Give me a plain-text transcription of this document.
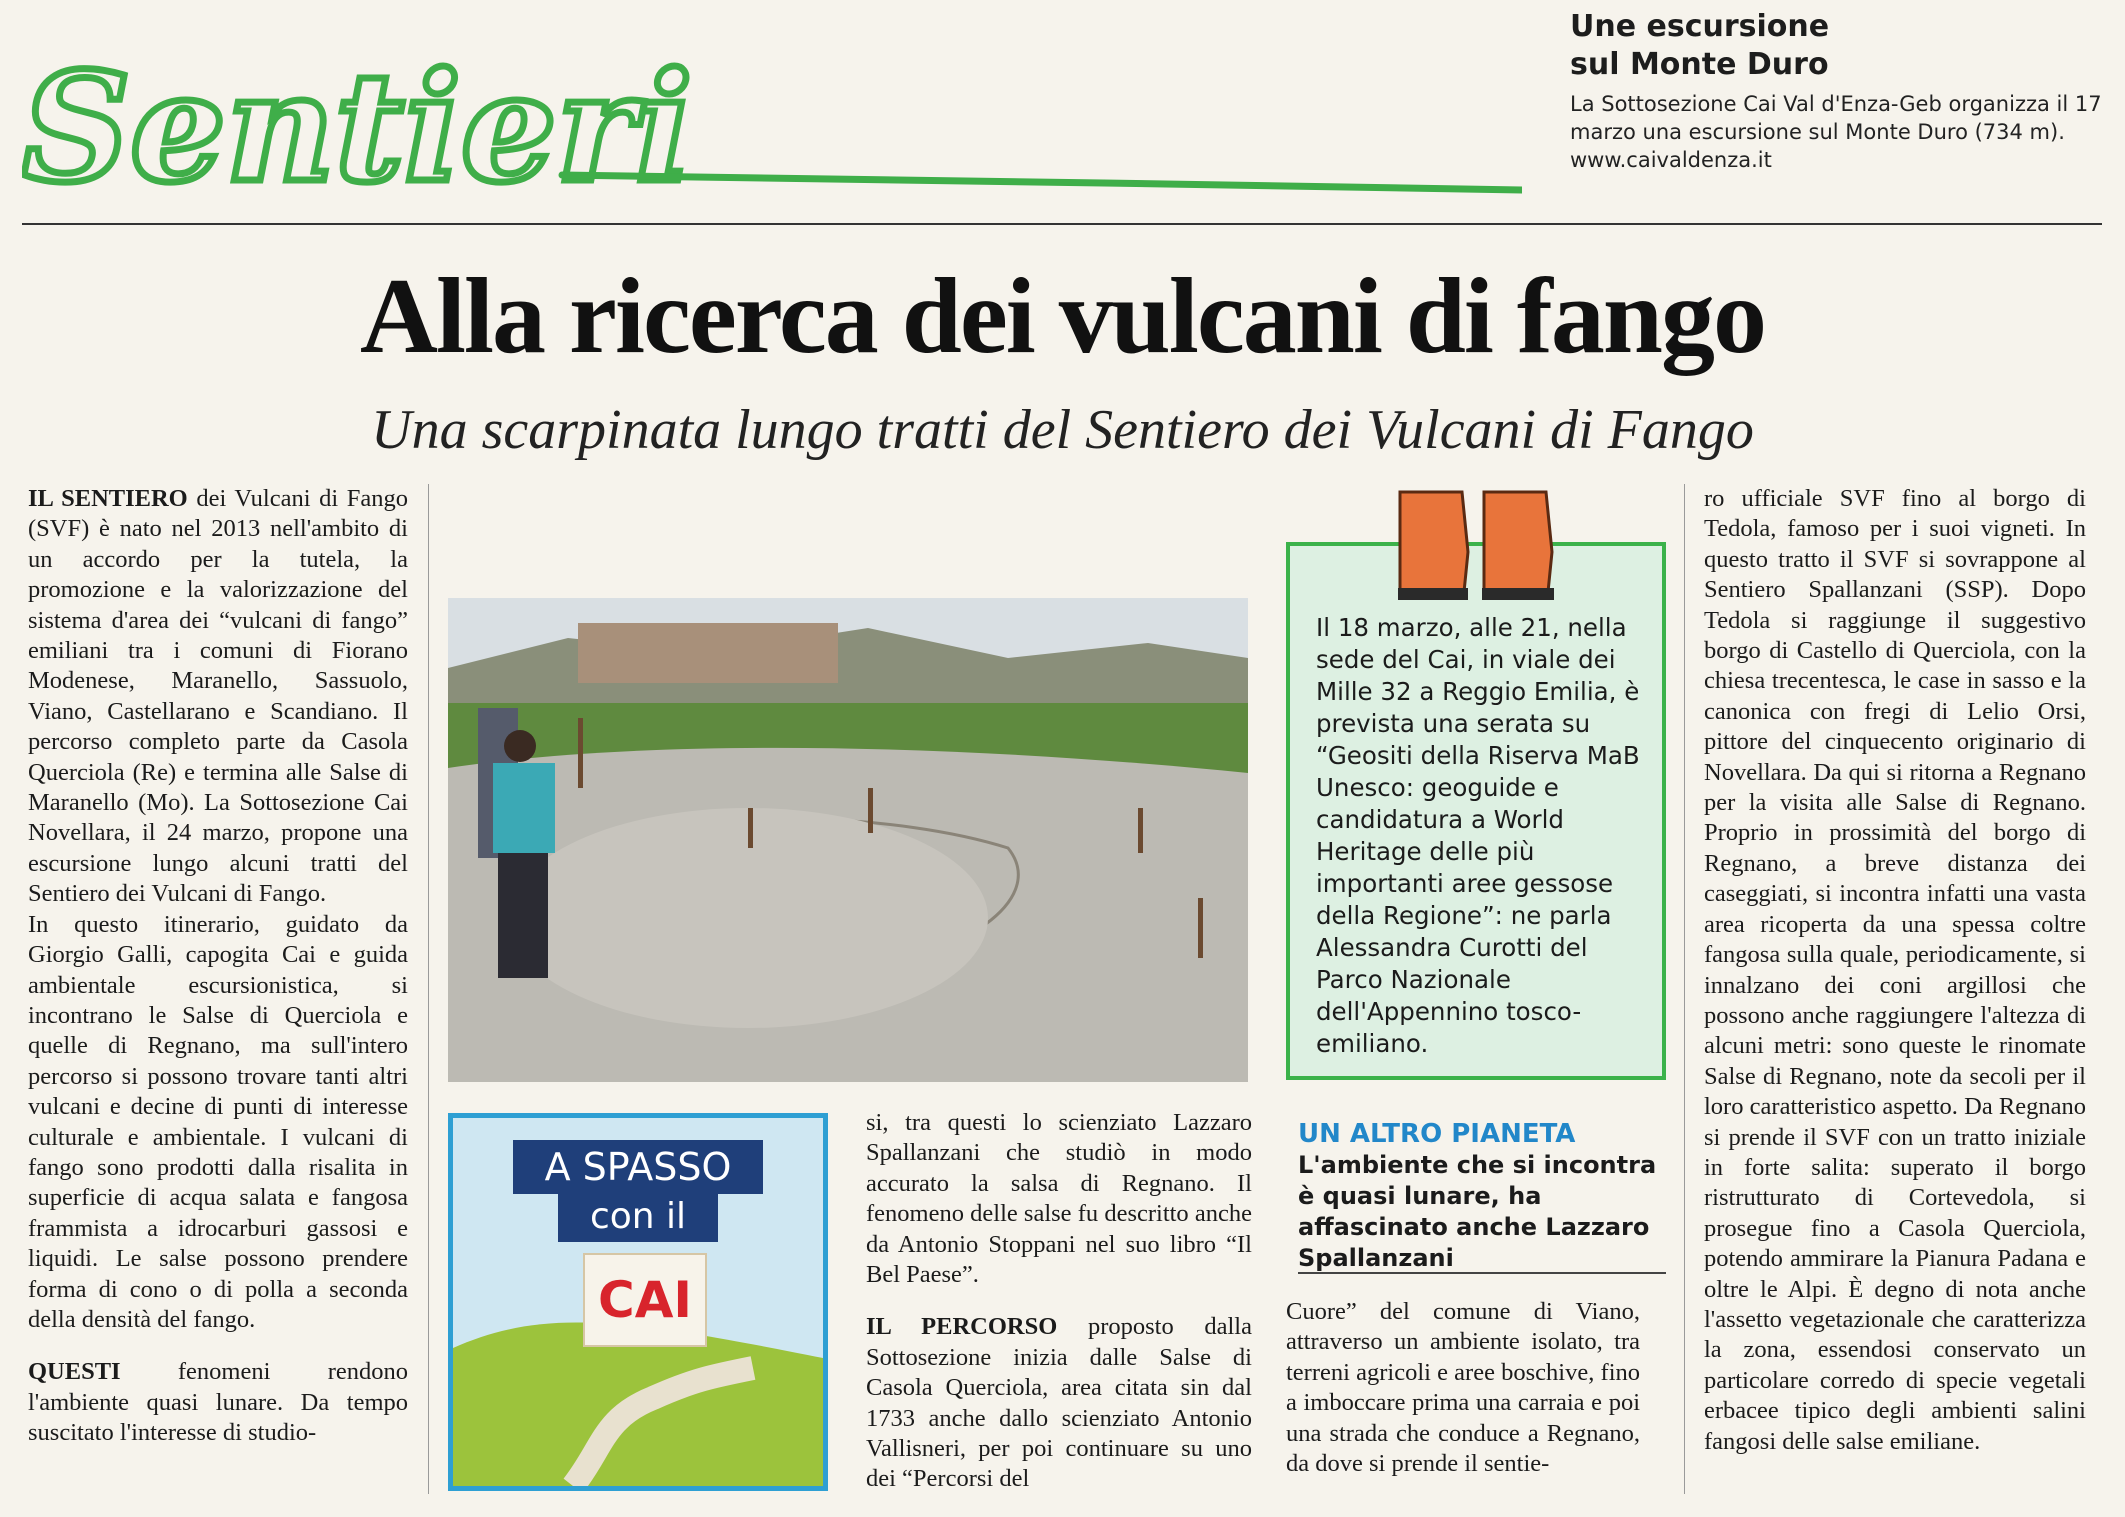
Sentieri
Une escursione
sul Monte Duro
La Sottosezione Cai Val d'Enza-Geb organizza il 17 marzo una escursione sul Monte Duro (734 m). www.caivaldenza.it
Alla ricerca dei vulcani di fango
Una scarpinata lungo tratti del Sentiero dei Vulcani di Fango

IL SENTIERO dei Vulcani di Fango (SVF) è nato nel 2013 nell'ambito di un accordo per la tutela, la promozione e la valorizzazione del sistema d'area dei “vulcani di fango” emiliani tra i comuni di Fiorano Modenese, Maranello, Sassuolo, Viano, Castellarano e Scandiano. Il percorso completo parte da Casola Querciola (Re) e termina alle Salse di Maranello (Mo). La Sottosezione Cai Novellara, il 24 marzo, propone una escursione lungo alcuni tratti del Sentiero dei Vulcani di Fango.

In questo itinerario, guidato da Giorgio Galli, capogita Cai e guida ambientale escursionistica, si incontrano le Salse di Querciola e quelle di Regnano, ma sull'intero percorso si possono trovare tanti altri vulcani e decine di punti di interesse culturale e ambientale. I vulcani di fango sono prodotti dalla risalita in superficie di acqua salata e fangosa frammista a idrocarburi gassosi e liquidi. Le salse possono prendere forma di cono o di polla a seconda della densità del fango.

QUESTI fenomeni rendono l'ambiente quasi lunare. Da tempo suscitato l'interesse di studio-

A SPASSO
con il
CAI

si, tra questi lo scienziato Lazzaro Spallanzani che studiò in modo accurato la salsa di Regnano. Il fenomeno delle salse fu descritto anche da Antonio Stoppani nel suo libro “Il Bel Paese”.

IL PERCORSO proposto dalla Sottosezione inizia dalle Salse di Casola Querciola, area citata sin dal 1733 anche dallo scienziato Antonio Vallisneri, per poi continuare su uno dei “Percorsi del

Il 18 marzo, alle 21, nella sede del Cai, in viale dei Mille 32 a Reggio Emilia, è prevista una serata su “Geositi della Riserva MaB Unesco: geoguide e candidatura a World Heritage delle più importanti aree gessose della Regione”: ne parla Alessandra Curotti del Parco Nazionale dell'Appennino tosco-emiliano.
UN ALTRO PIANETA
L'ambiente che si incontra è quasi lunare, ha affascinato anche Lazzaro Spallanzani

Cuore” del comune di Viano, attraverso un ambiente isolato, tra terreni agricoli e aree boschive, fino a imboccare prima una carraia e poi una strada che conduce a Regnano, da dove si prende il sentie-

ro ufficiale SVF fino al borgo di Tedola, famoso per i suoi vigneti. In questo tratto il SVF si sovrappone al Sentiero Spallanzani (SSP). Dopo Tedola si raggiunge il suggestivo borgo di Castello di Querciola, con la chiesa trecentesca, le case in sasso e la canonica con fregi di Lelio Orsi, pittore del cinquecento originario di Novellara. Da qui si ritorna a Regnano per la visita alle Salse di Regnano. Proprio in prossimità del borgo di Regnano, a breve distanza dei caseggiati, si incontra infatti una vasta area ricoperta da una spessa coltre fangosa sulla quale, periodicamente, si innalzano dei coni argillosi che possono anche raggiungere l'altezza di alcuni metri: sono queste le rinomate Salse di Regnano, note da secoli per il loro caratteristico aspetto. Da Regnano si prende il SVF con un tratto iniziale in forte salita: superato il borgo ristrutturato di Cortevedola, si prosegue fino a Casola Querciola, potendo ammirare la Pianura Padana e oltre le Alpi. È degno di nota anche l'assetto vegetazionale che caratterizza la zona, essendosi conservato un particolare corredo di specie vegetali erbacee tipico degli ambienti salini fangosi delle salse emiliane.
